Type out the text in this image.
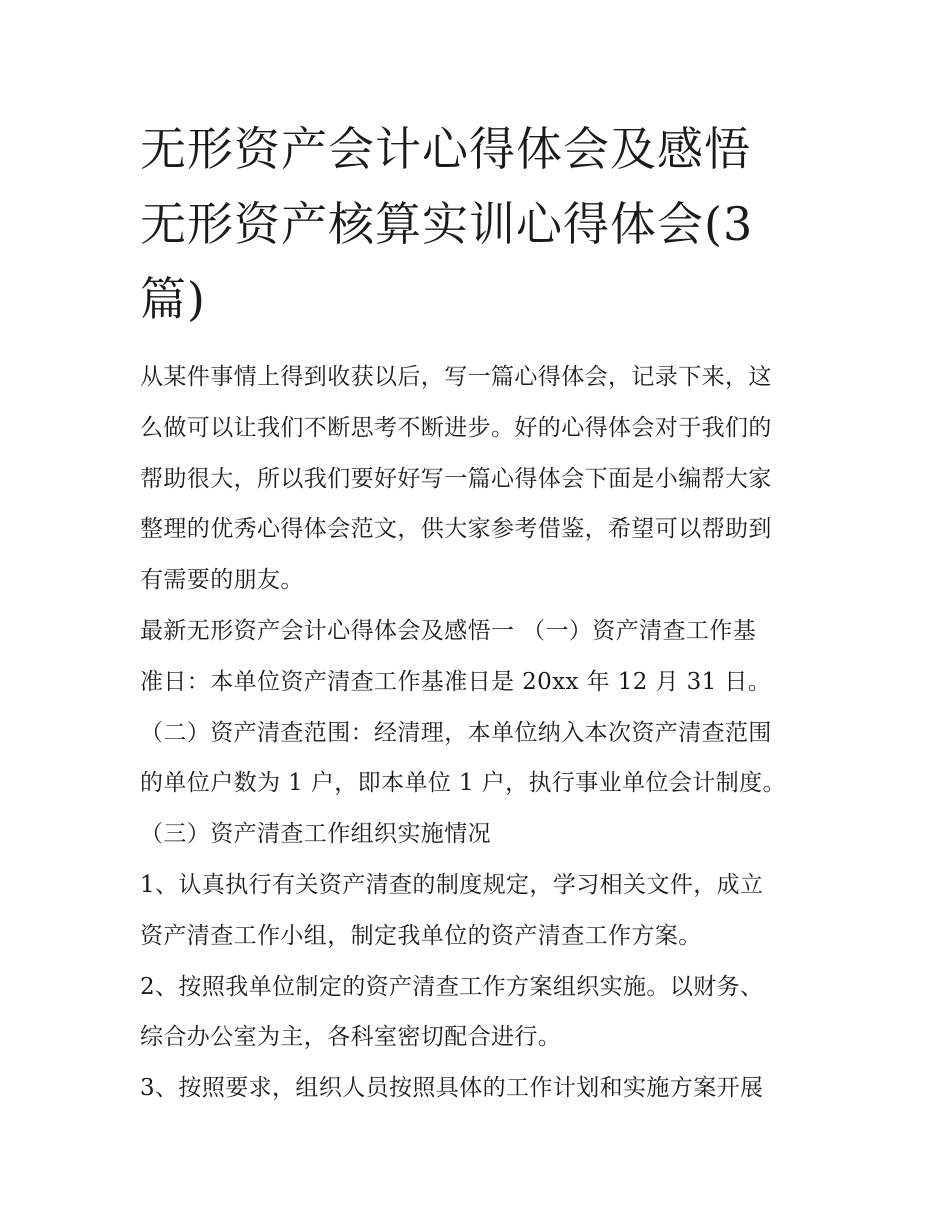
无形资产会计心得体会及感悟
无形资产核算实训心得体会(3
篇)
从某件事情上得到收获以后，写一篇心得体会，记录下来，这
么做可以让我们不断思考不断进步。好的心得体会对于我们的
帮助很大，所以我们要好好写一篇心得体会下面是小编帮大家
整理的优秀心得体会范文，供大家参考借鉴，希望可以帮助到
有需要的朋友。
最新无形资产会计心得体会及感悟一 （一）资产清查工作基
准日：本单位资产清查工作基准日是 20xx 年 12 月 31 日。
（二）资产清查范围：经清理，本单位纳入本次资产清查范围
的单位户数为 1 户，即本单位 1 户，执行事业单位会计制度。
（三）资产清查工作组织实施情况
1、认真执行有关资产清查的制度规定，学习相关文件，成立
资产清查工作小组，制定我单位的资产清查工作方案。
2、按照我单位制定的资产清查工作方案组织实施。以财务、
综合办公室为主，各科室密切配合进行。
3、按照要求，组织人员按照具体的工作计划和实施方案开展
